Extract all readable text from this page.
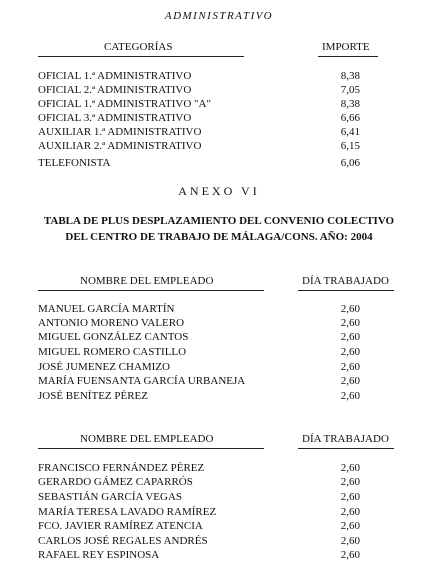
ADMINISTRATIVO
CATEGORÍAS	IMPORTE
OFICIAL 1.ª ADMINISTRATIVO	8,38
OFICIAL 2.ª ADMINISTRATIVO	7,05
OFICIAL 1.ª ADMINISTRATIVO "A"	8,38
OFICIAL 3.ª ADMINISTRATIVO	6,66
AUXILIAR 1.ª ADMINISTRATIVO	6,41
AUXILIAR 2.ª ADMINISTRATIVO	6,15
TELEFONISTA	6,06
ANEXO VI
TABLA DE PLUS DESPLAZAMIENTO DEL CONVENIO COLECTIVO
DEL CENTRO DE TRABAJO DE MÁLAGA/CONS. AÑO: 2004
NOMBRE DEL EMPLEADO	DÍA TRABAJADO
MANUEL GARCÍA MARTÍN	2,60
ANTONIO MORENO VALERO	2,60
MIGUEL GONZÁLEZ CANTOS	2,60
MIGUEL ROMERO CASTILLO	2,60
JOSÉ JUMENEZ CHAMIZO	2,60
MARÍA FUENSANTA GARCÍA URBANEJA	2,60
JOSÉ BENÍTEZ PÉREZ	2,60
NOMBRE DEL EMPLEADO	DÍA TRABAJADO
FRANCISCO FERNÁNDEZ PÉREZ	2,60
GERARDO GÁMEZ CAPARRÓS	2,60
SEBASTIÁN GARCÍA VEGAS	2,60
MARÍA TERESA LAVADO RAMÍREZ	2,60
FCO. JAVIER RAMÍREZ ATENCIA	2,60
CARLOS JOSÉ REGALES ANDRÉS	2,60
RAFAEL REY ESPINOSA	2,60
